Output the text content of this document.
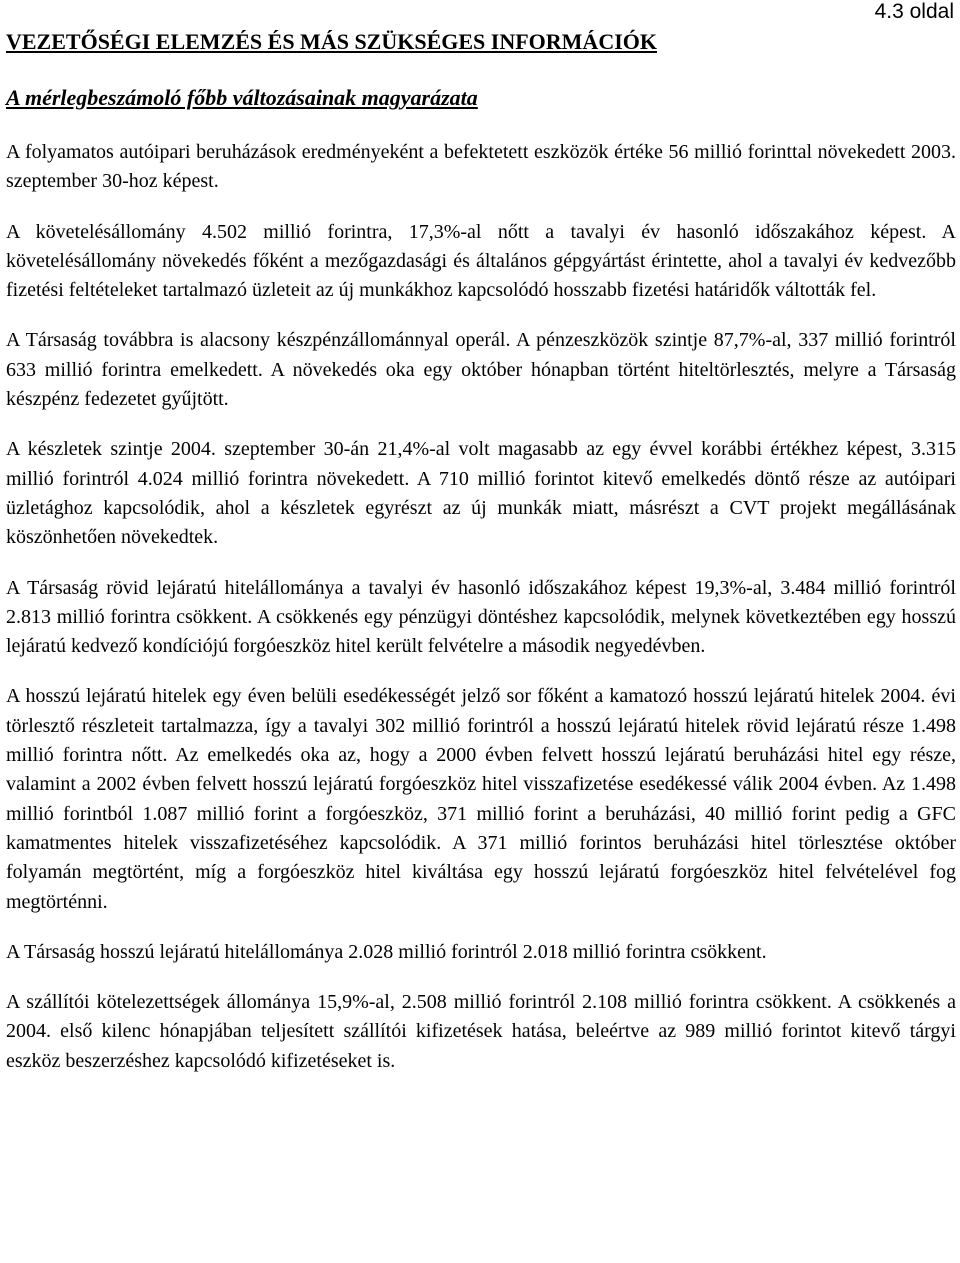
4.3 oldal
VEZETŐSÉGI ELEMZÉS ÉS MÁS SZÜKSÉGES INFORMÁCIÓK
A mérlegbeszámoló főbb változásainak magyarázata

A folyamatos autóipari beruházások eredményeként a befektetett eszközök értéke 56 millió forinttal növekedett 2003. szeptember 30-hoz képest.

A követelésállomány 4.502 millió forintra, 17,3%-al nőtt a tavalyi év hasonló időszakához képest. A követelésállomány növekedés főként a mezőgazdasági és általános gépgyártást érintette, ahol a tavalyi év kedvezőbb fizetési feltételeket tartalmazó üzleteit az új munkákhoz kapcsolódó hosszabb fizetési határidők váltották fel.

A Társaság továbbra is alacsony készpénzállománnyal operál. A pénzeszközök szintje 87,7%-al, 337 millió forintról 633 millió forintra emelkedett. A növekedés oka egy október hónapban történt hiteltörlesztés, melyre a Társaság készpénz fedezetet gyűjtött.

A készletek szintje 2004. szeptember 30-án 21,4%-al volt magasabb az egy évvel korábbi értékhez képest, 3.315 millió forintról 4.024 millió forintra növekedett. A 710 millió forintot kitevő emelkedés döntő része az autóipari üzletághoz kapcsolódik, ahol a készletek egyrészt az új munkák miatt, másrészt a CVT projekt megállásának köszönhetően növekedtek.

A Társaság rövid lejáratú hitelállománya a tavalyi év hasonló időszakához képest 19,3%-al, 3.484 millió forintról 2.813 millió forintra csökkent. A csökkenés egy pénzügyi döntéshez kapcsolódik, melynek következtében egy hosszú lejáratú kedvező kondíciójú forgóeszköz hitel került felvételre a második negyedévben.

A hosszú lejáratú hitelek egy éven belüli esedékességét jelző sor főként a kamatozó hosszú lejáratú hitelek 2004. évi törlesztő részleteit tartalmazza, így a tavalyi 302 millió forintról a hosszú lejáratú hitelek rövid lejáratú része 1.498 millió forintra nőtt. Az emelkedés oka az, hogy a 2000 évben felvett hosszú lejáratú beruházási hitel egy része, valamint a 2002 évben felvett hosszú lejáratú forgóeszköz hitel visszafizetése esedékessé válik 2004 évben. Az 1.498 millió forintból 1.087 millió forint a forgóeszköz, 371 millió forint a beruházási, 40 millió forint pedig a GFC kamatmentes hitelek visszafizetéséhez kapcsolódik. A 371 millió forintos beruházási hitel törlesztése október folyamán megtörtént, míg a forgóeszköz hitel kiváltása egy hosszú lejáratú forgóeszköz hitel felvételével fog megtörténni.

A Társaság hosszú lejáratú hitelállománya 2.028 millió forintról 2.018 millió forintra csökkent.

A szállítói kötelezettségek állománya 15,9%-al, 2.508 millió forintról 2.108 millió forintra csökkent. A csökkenés a 2004. első kilenc hónapjában teljesített szállítói kifizetések hatása, beleértve az 989 millió forintot kitevő tárgyi eszköz beszerzéshez kapcsolódó kifizetéseket is.
